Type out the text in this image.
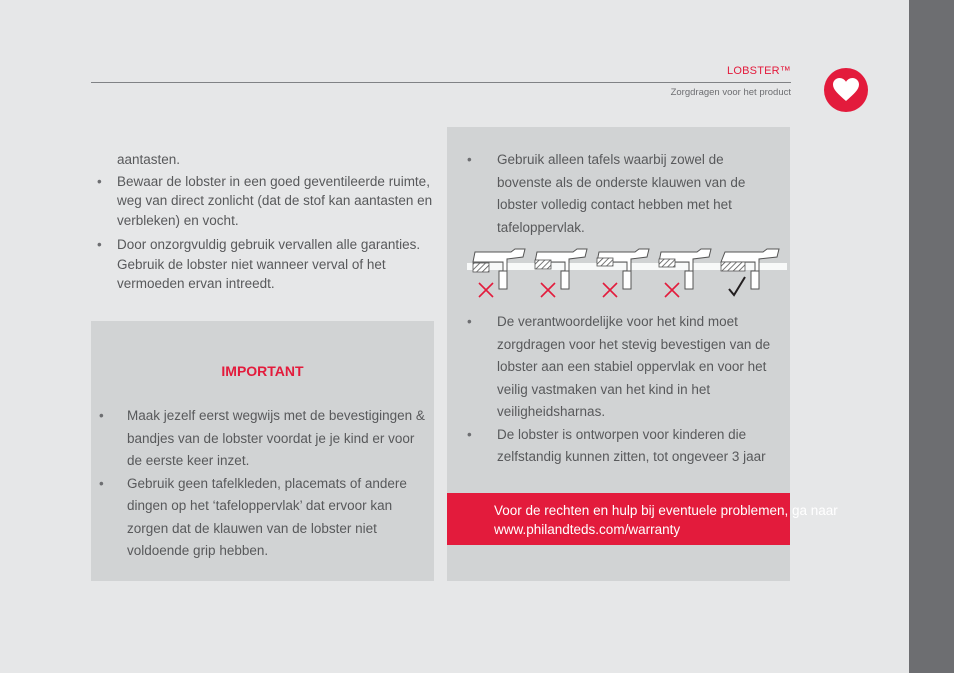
LOBSTER™
Zorgdragen voor het product

aantasten.

• Bewaar de lobster in een goed geventileerde ruimte, weg van direct zonlicht (dat de stof kan aantasten en verbleken) en vocht.
• Door onzorgvuldig gebruik vervallen alle garanties. Gebruik de lobster niet wanneer verval of het vermoeden ervan intreedt.
IMPORTANT
• Maak jezelf eerst wegwijs met de bevestigingen & bandjes van de lobster voordat je je kind er voor de eerste keer inzet.
• Gebruik geen tafelkleden, placemats of andere dingen op het ‘tafeloppervlak’ dat ervoor kan zorgen dat de klauwen van de lobster niet voldoende grip hebben.
• Gebruik alleen tafels waarbij zowel de bovenste als de onderste klauwen van de lobster volledig contact hebben met het tafeloppervlak.
• De verantwoordelijke voor het kind moet zorgdragen voor het stevig bevestigen van de lobster aan een stabiel oppervlak en voor het veilig vastmaken van het kind in het veiligheidsharnas.
• De lobster is ontworpen voor kinderen die zelfstandig kunnen zitten, tot ongeveer 3 jaar
Voor de rechten en hulp bij eventuele problemen, ga naar
www.philandteds.com/warranty
